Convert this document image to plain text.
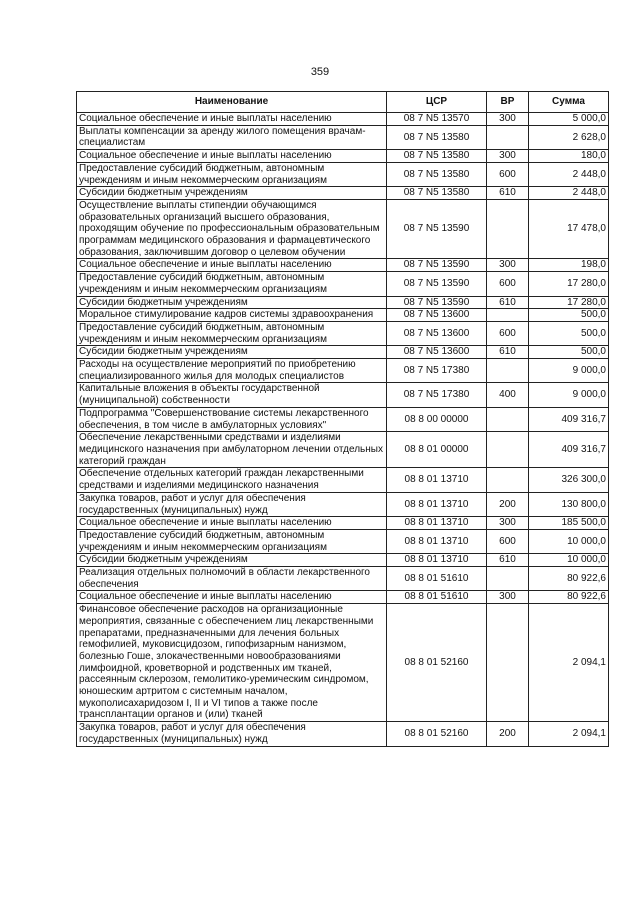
359
Наименование	ЦСР	ВР	Сумма
Социальное обеспечение и иные выплаты населению	08 7 N5 13570	300	5 000,0
Выплаты компенсации за аренду жилого помещения врачам-специалистам	08 7 N5 13580		2 628,0
Социальное обеспечение и иные выплаты населению	08 7 N5 13580	300	180,0
Предоставление субсидий бюджетным, автономным учреждениям и иным некоммерческим организациям	08 7 N5 13580	600	2 448,0
Субсидии бюджетным учреждениям	08 7 N5 13580	610	2 448,0
Осуществление выплаты стипендии обучающимся образовательных организаций высшего образования, проходящим обучение по профессиональным образовательным программам медицинского образования и фармацевтического образования, заключившим договор о целевом обучении	08 7 N5 13590		17 478,0
Социальное обеспечение и иные выплаты населению	08 7 N5 13590	300	198,0
Предоставление субсидий бюджетным, автономным учреждениям и иным некоммерческим организациям	08 7 N5 13590	600	17 280,0
Субсидии бюджетным учреждениям	08 7 N5 13590	610	17 280,0
Моральное стимулирование кадров системы здравоохранения	08 7 N5 13600		500,0
Предоставление субсидий бюджетным, автономным учреждениям и иным некоммерческим организациям	08 7 N5 13600	600	500,0
Субсидии бюджетным учреждениям	08 7 N5 13600	610	500,0
Расходы на осуществление мероприятий по приобретению специализированного жилья для молодых специалистов	08 7 N5 17380		9 000,0
Капитальные вложения в объекты государственной (муниципальной) собственности	08 7 N5 17380	400	9 000,0
Подпрограмма "Совершенствование системы лекарственного обеспечения, в том числе в амбулаторных условиях"	08 8 00 00000		409 316,7
Обеспечение лекарственными средствами и изделиями медицинского назначения при амбулаторном лечении отдельных категорий граждан	08 8 01 00000		409 316,7
Обеспечение отдельных категорий граждан лекарственными средствами и изделиями медицинского назначения	08 8 01 13710		326 300,0
Закупка товаров, работ и услуг для обеспечения государственных (муниципальных) нужд	08 8 01 13710	200	130 800,0
Социальное обеспечение и иные выплаты населению	08 8 01 13710	300	185 500,0
Предоставление субсидий бюджетным, автономным учреждениям и иным некоммерческим организациям	08 8 01 13710	600	10 000,0
Субсидии бюджетным учреждениям	08 8 01 13710	610	10 000,0
Реализация отдельных полномочий в области лекарственного обеспечения	08 8 01 51610		80 922,6
Социальное обеспечение и иные выплаты населению	08 8 01 51610	300	80 922,6
Финансовое обеспечение расходов на организационные мероприятия, связанные с обеспечением лиц лекарственными препаратами, предназначенными для лечения больных гемофилией, муковисцидозом, гипофизарным нанизмом, болезнью Гоше, злокачественными новообразованиями лимфоидной, кроветворной и родственных им тканей, рассеянным склерозом, гемолитико-уремическим синдромом, юношеским артритом с системным началом, мукополисахаридозом I, II и VI типов а также после трансплантации органов и (или) тканей	08 8 01 52160		2 094,1
Закупка товаров, работ и услуг для обеспечения государственных (муниципальных) нужд	08 8 01 52160	200	2 094,1
